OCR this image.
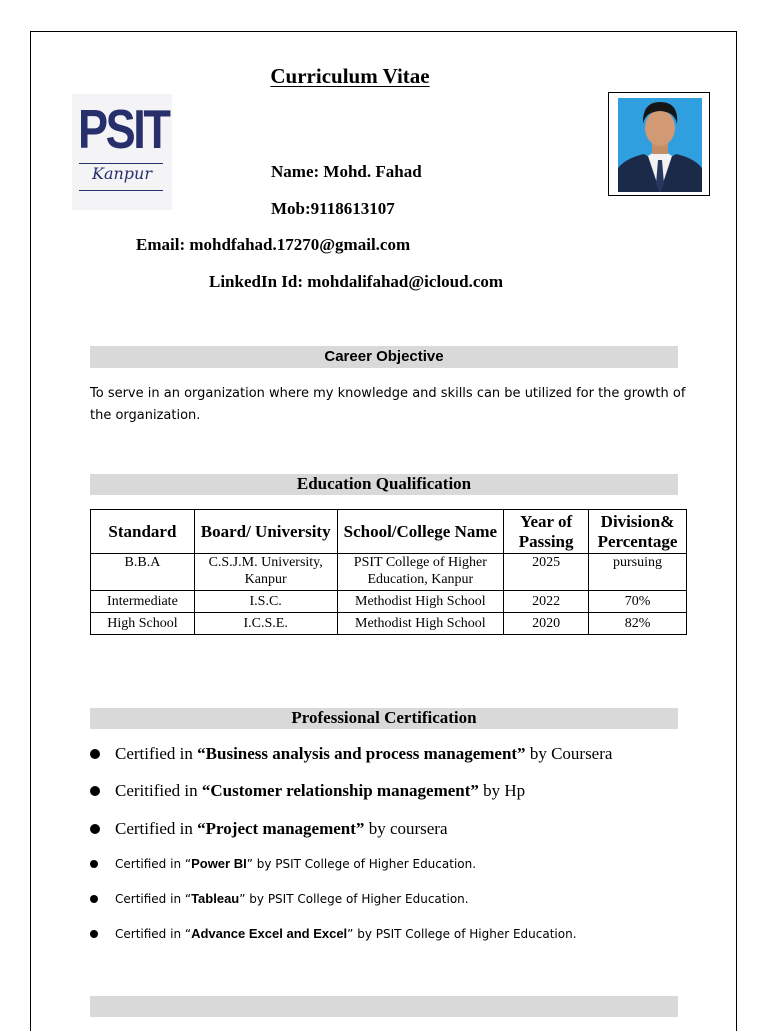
Curriculum Vitae
PSIT
Kanpur	Name: Mohd. Fahad
Mob:9118613107
Email: mohdfahad.17270@gmail.com
LinkedIn Id: mohdalifahad@icloud.com
Career Objective
To serve in an organization where my knowledge and skills can be utilized for the growth of the organization.
Education Qualification
Standard	Board/ University	School/College Name	Year of Passing	Division& Percentage
B.B.A	C.S.J.M. University, Kanpur	PSIT College of Higher Education, Kanpur	2025	pursuing
Intermediate	I.S.C.	Methodist High School	2022	70%
High School	I.C.S.E.	Methodist High School	2020	82%
Professional Certification
Certified in “Business analysis and process management” by Coursera
Ceritified in “Customer relationship management” by Hp
Certified in “Project management” by coursera
Certified in “Power BI” by PSIT College of Higher Education.
Certified in “Tableau” by PSIT College of Higher Education.
Certified in “Advance Excel and Excel” by PSIT College of Higher Education.
